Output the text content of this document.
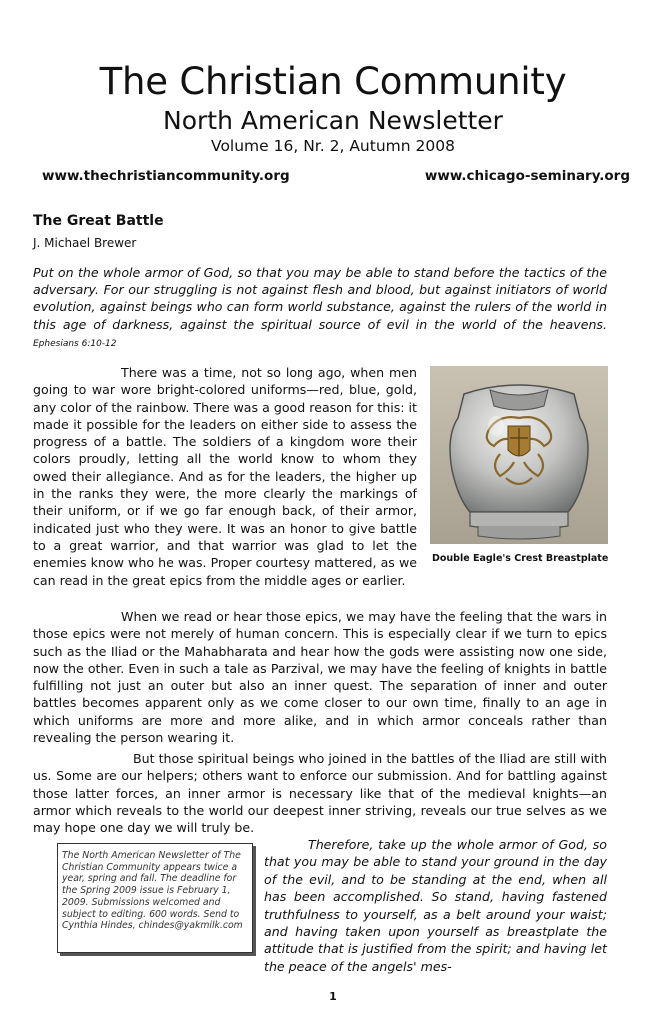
The Christian Community
North American Newsletter
Volume 16, Nr. 2, Autumn 2008
www.thechristiancommunity.org	www.chicago-seminary.org
The Great Battle
J. Michael Brewer
Put on the whole armor of God, so that you may be able to stand before the tactics of the adversary. For our struggling is not against flesh and blood, but against initiators of world evolution, against beings who can form world substance, against the rulers of the world in this age of darkness, against the spiritual source of evil in the world of the heavens. Ephesians 6:10-12
There was a time, not so long ago, when men going to war wore bright-colored uniforms—red, blue, gold, any color of the rainbow. There was a good reason for this: it made it possible for the leaders on either side to assess the progress of a battle. The soldiers of a kingdom wore their colors proudly, letting all the world know to whom they owed their allegiance. And as for the leaders, the higher up in the ranks they were, the more clearly the markings of their uniform, or if we go far enough back, of their armor, indicated just who they were. It was an honor to give battle to a great warrior, and that warrior was glad to let the enemies know who he was. Proper courtesy mattered, as we can read in the great epics from the middle ages or earlier.
Double Eagle's Crest Breastplate
When we read or hear those epics, we may have the feeling that the wars in those epics were not merely of human concern. This is especially clear if we turn to epics such as the Iliad or the Mahabharata and hear how the gods were assisting now one side, now the other. Even in such a tale as Parzival, we may have the feeling of knights in battle fulfilling not just an outer but also an inner quest. The separation of inner and outer battles becomes apparent only as we come closer to our own time, finally to an age in which uniforms are more and more alike, and in which armor conceals rather than revealing the person wearing it.
But those spiritual beings who joined in the battles of the Iliad are still with us. Some are our helpers; others want to enforce our submission. And for battling against those latter forces, an inner armor is necessary like that of the medieval knights—an armor which reveals to the world our deepest inner striving, reveals our true selves as we may hope one day we will truly be.
The North American Newsletter of The Christian Community appears twice a year, spring and fall. The deadline for the Spring 2009 issue is February 1, 2009. Submissions welcomed and subject to editing. 600 words. Send to Cynthia Hindes, chindes@yakmilk.com
Therefore, take up the whole armor of God, so that you may be able to stand your ground in the day of the evil, and to be standing at the end, when all has been accomplished. So stand, having fastened truthfulness to yourself, as a belt around your waist; and having taken upon yourself as breastplate the attitude that is justified from the spirit; and having let the peace of the angels' mes-
1
